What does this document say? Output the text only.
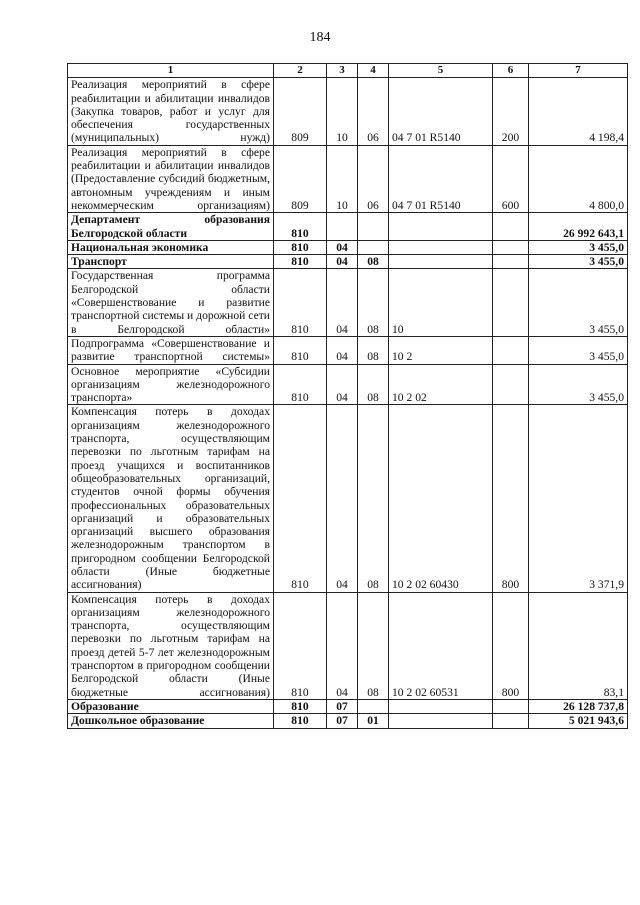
184
1	2	3	4	5	6	7
Реализация мероприятий в сфере реабилитации и абилитации инвалидов (Закупка товаров, работ и услуг для обеспечения государственных (муниципальных) нужд)	809	10	06	04 7 01 R5140	200	4 198,4
Реализация мероприятий в сфере реабилитации и абилитации инвалидов (Предоставление субсидий бюджетным, автономным учреждениям и иным некоммерческим организациям)	809	10	06	04 7 01 R5140	600	4 800,0
Департамент образования Белгородской области	810					26 992 643,1
Национальная экономика	810	04				3 455,0
Транспорт	810	04	08			3 455,0
Государственная программа Белгородской области «Совершенствование и развитие транспортной системы и дорожной сети в Белгородской области»	810	04	08	10		3 455,0
Подпрограмма «Совершенствование и развитие транспортной системы»	810	04	08	10 2		3 455,0
Основное мероприятие «Субсидии организациям железнодорожного транспорта»	810	04	08	10 2 02		3 455,0
Компенсация потерь в доходах организациям железнодорожного транспорта, осуществляющим перевозки по льготным тарифам на проезд учащихся и воспитанников общеобразовательных организаций, студентов очной формы обучения профессиональных образовательных организаций и образовательных организаций высшего образования железнодорожным транспортом в пригородном сообщении Белгородской области (Иные бюджетные ассигнования)	810	04	08	10 2 02 60430	800	3 371,9
Компенсация потерь в доходах организациям железнодорожного транспорта, осуществляющим перевозки по льготным тарифам на проезд детей 5-7 лет железнодорожным транспортом в пригородном сообщении Белгородской области (Иные бюджетные ассигнования)	810	04	08	10 2 02 60531	800	83,1
Образование	810	07				26 128 737,8
Дошкольное образование	810	07	01			5 021 943,6
